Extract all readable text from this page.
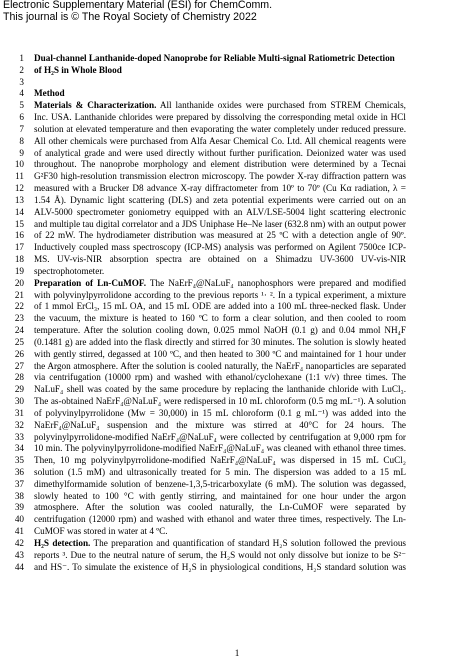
Electronic Supplementary Material (ESI) for ChemComm.
This journal is © The Royal Society of Chemistry 2022
1 Dual-channel Lanthanide-doped Nanoprobe for Reliable Multi-signal Ratiometric Detection
2 of H₂S in Whole Blood
3
4 Method
5 Materials & Characterization. All lanthanide oxides were purchased from STREM Chemicals,
6 Inc. USA. Lanthanide chlorides were prepared by dissolving the corresponding metal oxide in HCl
7 solution at elevated temperature and then evaporating the water completely under reduced pressure.
8 All other chemicals were purchased from Alfa Aesar Chemical Co. Ltd. All chemical reagents were
9 of analytical grade and were used directly without further purification. Deionized water was used
10 throughout. The nanoprobe morphology and element distribution were determined by a Tecnai
11 G²F30 high-resolution transmission electron microscopy. The powder X-ray diffraction pattern was
12 measured with a Brucker D8 advance X-ray diffractometer from 10º to 70º (Cu Kα radiation, λ =
13 1.54 Å). Dynamic light scattering (DLS) and zeta potential experiments were carried out on an
14 ALV-5000 spectrometer goniometry equipped with an ALV/LSE-5004 light scattering electronic
15 and multiple tau digital correlator and a JDS Uniphase He–Ne laser (632.8 nm) with an output power
16 of 22 mW. The hydrodiameter distribution was measured at 25 ºC with a detection angle of 90º.
17 Inductively coupled mass spectroscopy (ICP-MS) analysis was performed on Agilent 7500ce ICP-
18 MS. UV-vis-NIR absorption spectra are obtained on a Shimadzu UV-3600 UV-vis-NIR
19 spectrophotometer.
20 Preparation of Ln-CuMOF. The NaErF₄@NaLuF₄ nanophosphors were prepared and modified
21 with polyvinylpyrrolidone according to the previous reports ¹· ². In a typical experiment, a mixture
22 of 1 mmol ErCl₃, 15 mL OA, and 15 mL ODE are added into a 100 mL three-necked flask. Under
23 the vacuum, the mixture is heated to 160 ºC to form a clear solution, and then cooled to room
24 temperature. After the solution cooling down, 0.025 mmol NaOH (0.1 g) and 0.04 mmol NH₄F
25 (0.1481 g) are added into the flask directly and stirred for 30 minutes. The solution is slowly heated
26 with gently stirred, degassed at 100 ºC, and then heated to 300 ºC and maintained for 1 hour under
27 the Argon atmosphere. After the solution is cooled naturally, the NaErF₄ nanoparticles are separated
28 via centrifugation (10000 rpm) and washed with ethanol/cyclohexane (1:1 v/v) three times. The
29 NaLuF₄ shell was coated by the same procedure by replacing the lanthanide chloride with LuCl₃.
30 The as-obtained NaErF₄@NaLuF₄ were redispersed in 10 mL chloroform (0.5 mg mL⁻¹). A solution
31 of polyvinylpyrrolidone (Mw = 30,000) in 15 mL chloroform (0.1 g mL⁻¹) was added into the
32 NaErF₄@NaLuF₄ suspension and the mixture was stirred at 40°C for 24 hours. The
33 polyvinylpyrrolidone-modified NaErF₄@NaLuF₄ were collected by centrifugation at 9,000 rpm for
34 10 min. The polyvinylpyrrolidone-modified NaErF₄@NaLuF₄ was cleaned with ethanol three times.
35 Then, 10 mg polyvinylpyrrolidone-modified NaErF₄@NaLuF₄ was dispersed in 15 mL CuCl₂
36 solution (1.5 mM) and ultrasonically treated for 5 min. The dispersion was added to a 15 mL
37 dimethylformamide solution of benzene-1,3,5-tricarboxylate (6 mM). The solution was degassed,
38 slowly heated to 100 °C with gently stirring, and maintained for one hour under the argon
39 atmosphere. After the solution was cooled naturally, the Ln-CuMOF were separated by
40 centrifugation (12000 rpm) and washed with ethanol and water three times, respectively. The Ln-
41 CuMOF was stored in water at 4 ºC.
42 H₂S detection. The preparation and quantification of standard H₂S solution followed the previous
43 reports ³. Due to the neutral nature of serum, the H₂S would not only dissolve but ionize to be S²⁻
44 and HS⁻. To simulate the existence of H₂S in physiological conditions, H₂S standard solution was
1
